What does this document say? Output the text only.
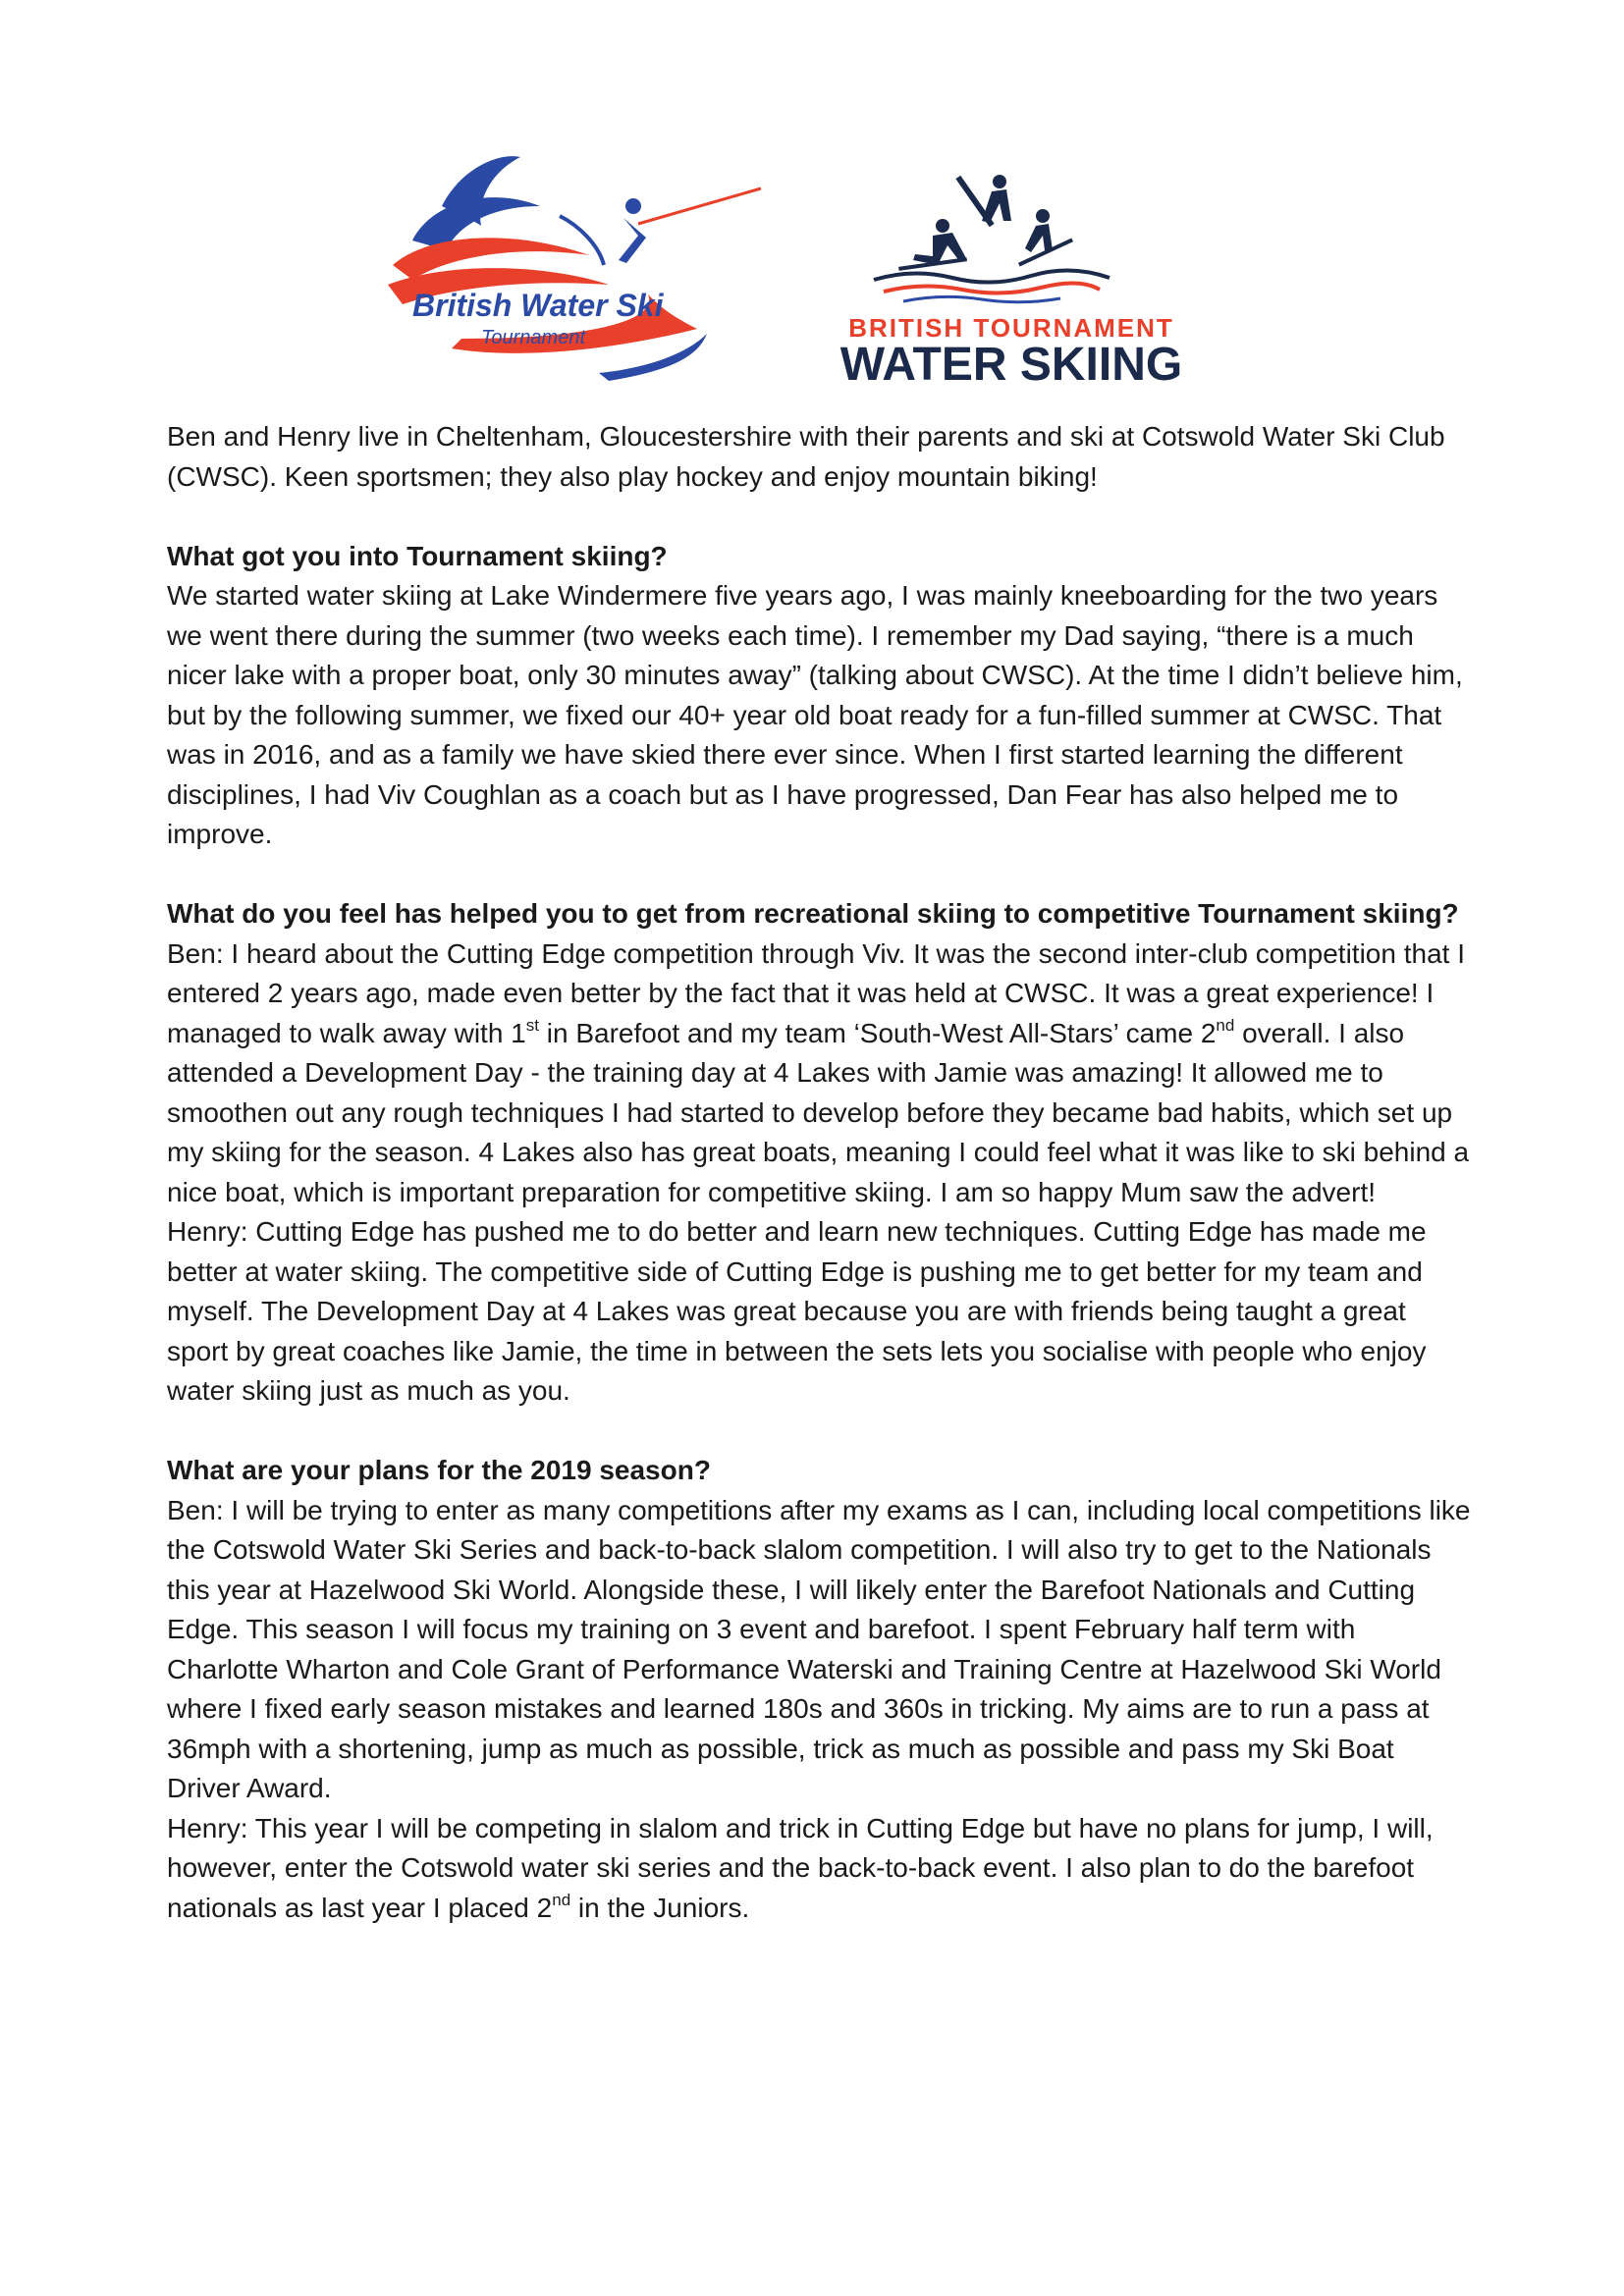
British Water Ski
Tournament	BRITISH TOURNAMENT
WATER SKIING

Ben and Henry live in Cheltenham, Gloucestershire with their parents and ski at Cotswold Water Ski Club (CWSC). Keen sportsmen; they also play hockey and enjoy mountain biking!

What got you into Tournament skiing?

We started water skiing at Lake Windermere five years ago, I was mainly kneeboarding for the two years we went there during the summer (two weeks each time). I remember my Dad saying, “there is a much nicer lake with a proper boat, only 30 minutes away” (talking about CWSC). At the time I didn’t believe him, but by the following summer, we fixed our 40+ year old boat ready for a fun-filled summer at CWSC. That was in 2016, and as a family we have skied there ever since. When I first started learning the different disciplines, I had Viv Coughlan as a coach but as I have progressed, Dan Fear has also helped me to improve.

What do you feel has helped you to get from recreational skiing to competitive Tournament skiing?

Ben: I heard about the Cutting Edge competition through Viv. It was the second inter-club competition that I entered 2 years ago, made even better by the fact that it was held at CWSC. It was a great experience! I managed to walk away with 1st in Barefoot and my team ‘South-West All-Stars’ came 2nd overall. I also attended a Development Day - the training day at 4 Lakes with Jamie was amazing! It allowed me to smoothen out any rough techniques I had started to develop before they became bad habits, which set up my skiing for the season. 4 Lakes also has great boats, meaning I could feel what it was like to ski behind a nice boat, which is important preparation for competitive skiing. I am so happy Mum saw the advert!

Henry: Cutting Edge has pushed me to do better and learn new techniques. Cutting Edge has made me better at water skiing. The competitive side of Cutting Edge is pushing me to get better for my team and myself. The Development Day at 4 Lakes was great because you are with friends being taught a great sport by great coaches like Jamie, the time in between the sets lets you socialise with people who enjoy water skiing just as much as you.

What are your plans for the 2019 season?

Ben: I will be trying to enter as many competitions after my exams as I can, including local competitions like the Cotswold Water Ski Series and back-to-back slalom competition. I will also try to get to the Nationals this year at Hazelwood Ski World. Alongside these, I will likely enter the Barefoot Nationals and Cutting Edge. This season I will focus my training on 3 event and barefoot. I spent February half term with Charlotte Wharton and Cole Grant of Performance Waterski and Training Centre at Hazelwood Ski World where I fixed early season mistakes and learned 180s and 360s in tricking. My aims are to run a pass at 36mph with a shortening, jump as much as possible, trick as much as possible and pass my Ski Boat Driver Award.

Henry: This year I will be competing in slalom and trick in Cutting Edge but have no plans for jump, I will, however, enter the Cotswold water ski series and the back-to-back event. I also plan to do the barefoot nationals as last year I placed 2nd in the Juniors.
